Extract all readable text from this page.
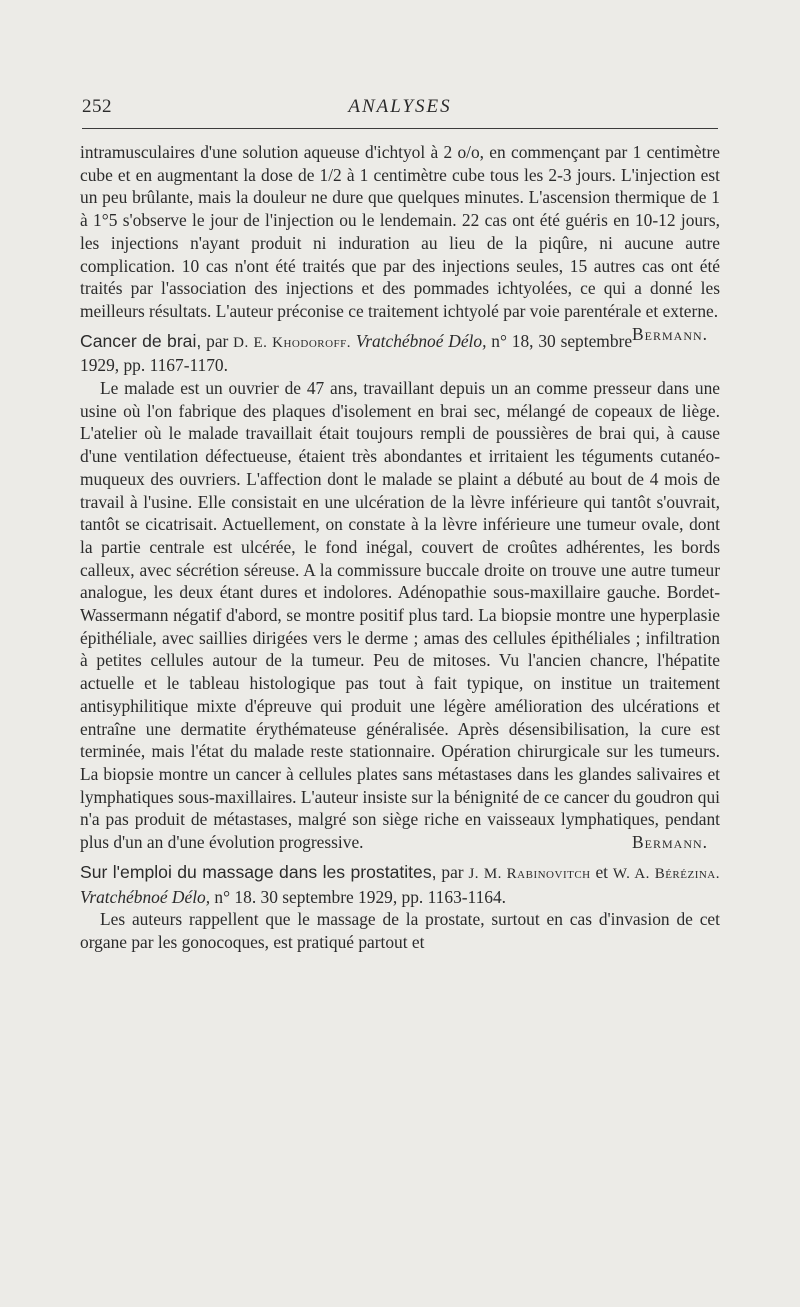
252	ANALYSES

intramusculaires d'une solution aqueuse d'ichtyol à 2 o/o, en commençant par 1 centimètre cube et en augmentant la dose de 1/2 à 1 centimètre cube tous les 2-3 jours. L'injection est un peu brûlante, mais la douleur ne dure que quelques minutes. L'ascension thermique de 1 à 1°5 s'observe le jour de l'injection ou le lendemain. 22 cas ont été guéris en 10-12 jours, les injections n'ayant produit ni induration au lieu de la piqûre, ni aucune autre complication. 10 cas n'ont été traités que par des injections seules, 15 autres cas ont été traités par l'association des injections et des pommades ichtyolées, ce qui a donné les meilleurs résultats. L'auteur préconise ce traitement ichtyolé par voie parentérale et externe.
Bermann.

Cancer de brai, par D. E. Khodoroff. Vratchébnoé Délo, n° 18, 30 septembre 1929, pp. 1167-1170.

Le malade est un ouvrier de 47 ans, travaillant depuis un an comme presseur dans une usine où l'on fabrique des plaques d'isolement en brai sec, mélangé de copeaux de liège. L'atelier où le malade travaillait était toujours rempli de poussières de brai qui, à cause d'une ventilation défectueuse, étaient très abondantes et irritaient les téguments cutanéo-muqueux des ouvriers. L'affection dont le malade se plaint a débuté au bout de 4 mois de travail à l'usine. Elle consistait en une ulcération de la lèvre inférieure qui tantôt s'ouvrait, tantôt se cicatrisait. Actuellement, on constate à la lèvre inférieure une tumeur ovale, dont la partie centrale est ulcérée, le fond inégal, couvert de croûtes adhérentes, les bords calleux, avec sécrétion séreuse. A la commissure buccale droite on trouve une autre tumeur analogue, les deux étant dures et indolores. Adénopathie sous-maxillaire gauche. Bordet-Wassermann négatif d'abord, se montre positif plus tard. La biopsie montre une hyperplasie épithéliale, avec saillies dirigées vers le derme ; amas des cellules épithéliales ; infiltration à petites cellules autour de la tumeur. Peu de mitoses. Vu l'ancien chancre, l'hépatite actuelle et le tableau histologique pas tout à fait typique, on institue un traitement antisyphilitique mixte d'épreuve qui produit une légère amélioration des ulcérations et entraîne une dermatite érythémateuse généralisée. Après désensibilisation, la cure est terminée, mais l'état du malade reste stationnaire. Opération chirurgicale sur les tumeurs. La biopsie montre un cancer à cellules plates sans métastases dans les glandes salivaires et lymphatiques sous-maxillaires. L'auteur insiste sur la bénignité de ce cancer du goudron qui n'a pas produit de métastases, malgré son siège riche en vaisseaux lymphatiques, pendant plus d'un an d'une évolution progressive.	Bermann.

Sur l'emploi du massage dans les prostatites, par J. M. Rabinovitch et W. A. Bérézina. Vratchébnoé Délo, n° 18. 30 septembre 1929, pp. 1163-1164.

Les auteurs rappellent que le massage de la prostate, surtout en cas d'invasion de cet organe par les gonocoques, est pratiqué partout et
